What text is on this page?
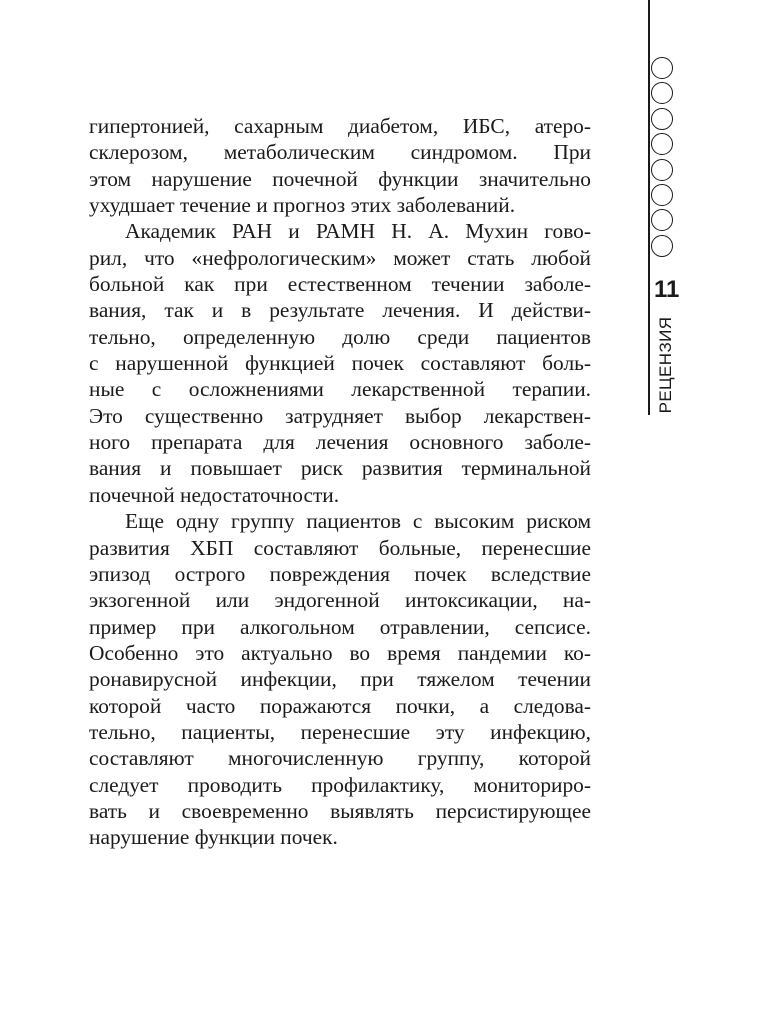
11
РЕЦЕНЗИЯ
гипертонией, сахарным диабетом, ИБС, атеро-
склерозом, метаболическим синдромом. При
этом нарушение почечной функции значительно
ухудшает течение и прогноз этих заболеваний.
Академик РАН и РАМН Н. А. Мухин гово-
рил, что «нефрологическим» может стать любой
больной как при естественном течении заболе-
вания, так и в результате лечения. И действи-
тельно, определенную долю среди пациентов
с нарушенной функцией почек составляют боль-
ные с осложнениями лекарственной терапии.
Это существенно затрудняет выбор лекарствен-
ного препарата для лечения основного заболе-
вания и повышает риск развития терминальной
почечной недостаточности.
Еще одну группу пациентов с высоким риском
развития ХБП составляют больные, перенесшие
эпизод острого повреждения почек вследствие
экзогенной или эндогенной интоксикации, на-
пример при алкогольном отравлении, сепсисе.
Особенно это актуально во время пандемии ко-
ронавирусной инфекции, при тяжелом течении
которой часто поражаются почки, а следова-
тельно, пациенты, перенесшие эту инфекцию,
составляют многочисленную группу, которой
следует проводить профилактику, мониториро-
вать и своевременно выявлять персистирующее
нарушение функции почек.
